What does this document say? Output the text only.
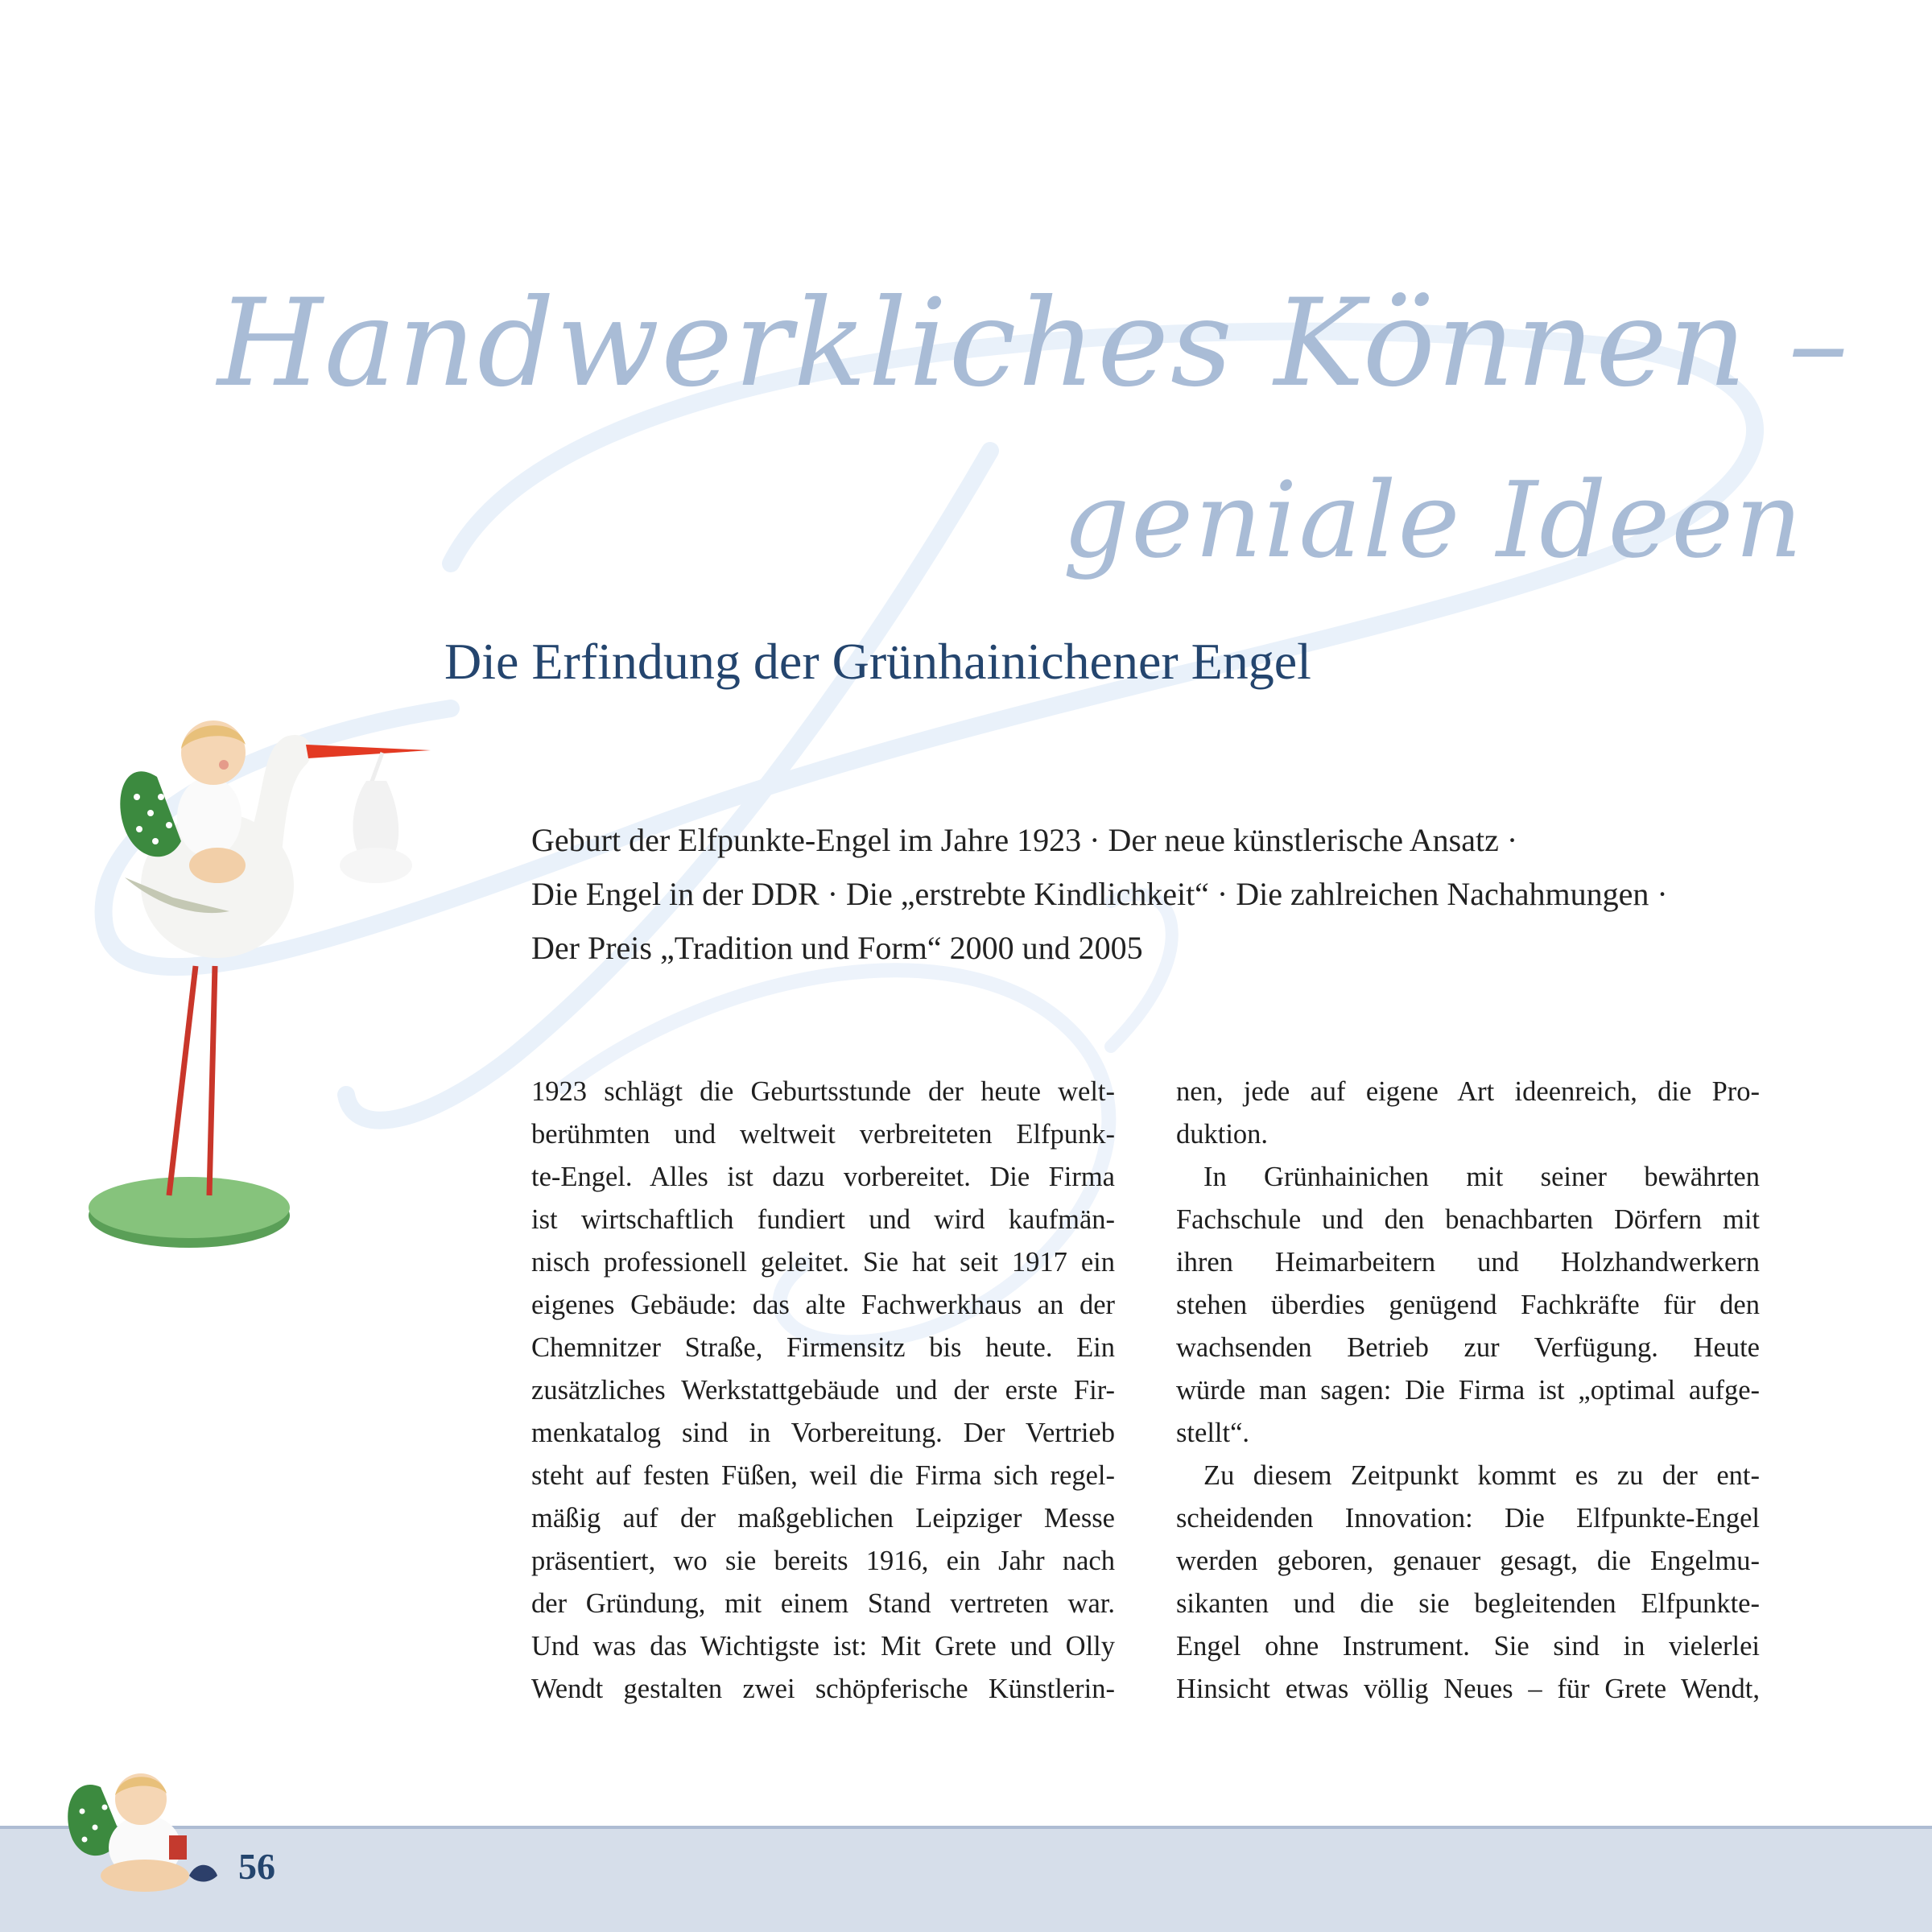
Handwerkliches Können –
geniale Ideen
Die Erfindung der Grünhainichener Engel
Geburt der Elfpunkte-Engel im Jahre 1923 · Der neue künstlerische Ansatz ·
Die Engel in der DDR · Die „erstrebte Kindlichkeit“ · Die zahlreichen Nachahmungen ·
Der Preis „Tradition und Form“ 2000 und 2005
1923 schlägt die Geburtsstunde der heute welt-
berühmten und weltweit verbreiteten Elfpunk-
te-Engel. Alles ist dazu vorbereitet. Die Firma
ist wirtschaftlich fundiert und wird kaufmän-
nisch professionell geleitet. Sie hat seit 1917 ein
eigenes Gebäude: das alte Fachwerkhaus an der
Chemnitzer Straße, Firmensitz bis heute. Ein
zusätzliches Werkstattgebäude und der erste Fir-
menkatalog sind in Vorbereitung. Der Vertrieb
steht auf festen Füßen, weil die Firma sich regel-
mäßig auf der maßgeblichen Leipziger Messe
präsentiert, wo sie bereits 1916, ein Jahr nach
der Gründung, mit einem Stand vertreten war.
Und was das Wichtigste ist: Mit Grete und Olly
Wendt gestalten zwei schöpferische Künstlerin-
nen, jede auf eigene Art ideenreich, die Pro-
duktion.
In Grünhainichen mit seiner bewährten
Fachschule und den benachbarten Dörfern mit
ihren Heimarbeitern und Holzhandwerkern
stehen überdies genügend Fachkräfte für den
wachsenden Betrieb zur Verfügung. Heute
würde man sagen: Die Firma ist „optimal aufge-
stellt“.
Zu diesem Zeitpunkt kommt es zu der ent-
scheidenden Innovation: Die Elfpunkte-Engel
werden geboren, genauer gesagt, die Engelmu-
sikanten und die sie begleitenden Elfpunkte-
Engel ohne Instrument. Sie sind in vielerlei
Hinsicht etwas völlig Neues – für Grete Wendt,
56
